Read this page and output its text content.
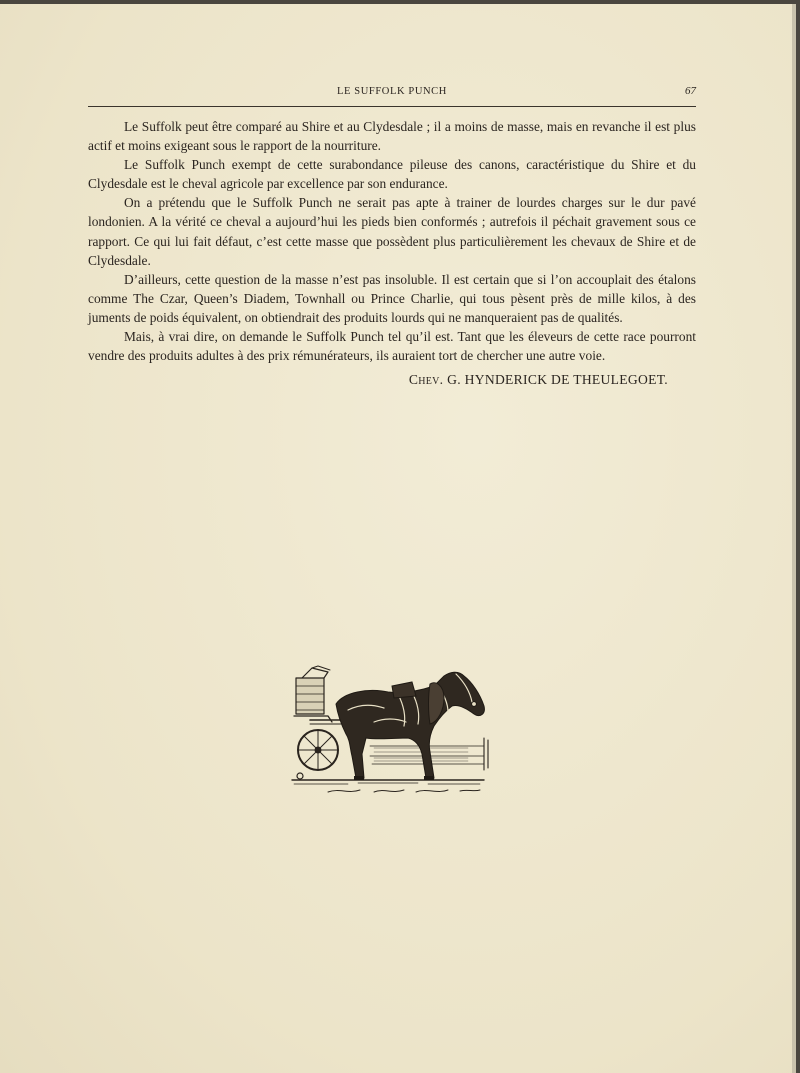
LE SUFFOLK PUNCH	67

Le Suffolk peut être comparé au Shire et au Clydesdale ; il a moins de masse, mais en revanche il est plus actif et moins exigeant sous le rapport de la nourriture.

Le Suffolk Punch exempt de cette surabondance pileuse des canons, caractéristique du Shire et du Clydesdale est le cheval agricole par excellence par son endurance.

On a prétendu que le Suffolk Punch ne serait pas apte à trainer de lourdes charges sur le dur pavé londonien. A la vérité ce cheval a aujourd’hui les pieds bien conformés ; autrefois il péchait gravement sous ce rapport. Ce qui lui fait défaut, c’est cette masse que possèdent plus particulièrement les chevaux de Shire et de Clydesdale.

D’ailleurs, cette question de la masse n’est pas insoluble. Il est certain que si l’on accouplait des étalons comme The Czar, Queen’s Diadem, Townhall ou Prince Charlie, qui tous pèsent près de mille kilos, à des juments de poids équivalent, on obtiendrait des produits lourds qui ne manqueraient pas de qualités.

Mais, à vrai dire, on demande le Suffolk Punch tel qu’il est. Tant que les éleveurs de cette race pourront vendre des produits adultes à des prix rémunérateurs, ils auraient tort de chercher une autre voie.

Chev. G. HYNDERICK DE THEULEGOET.
